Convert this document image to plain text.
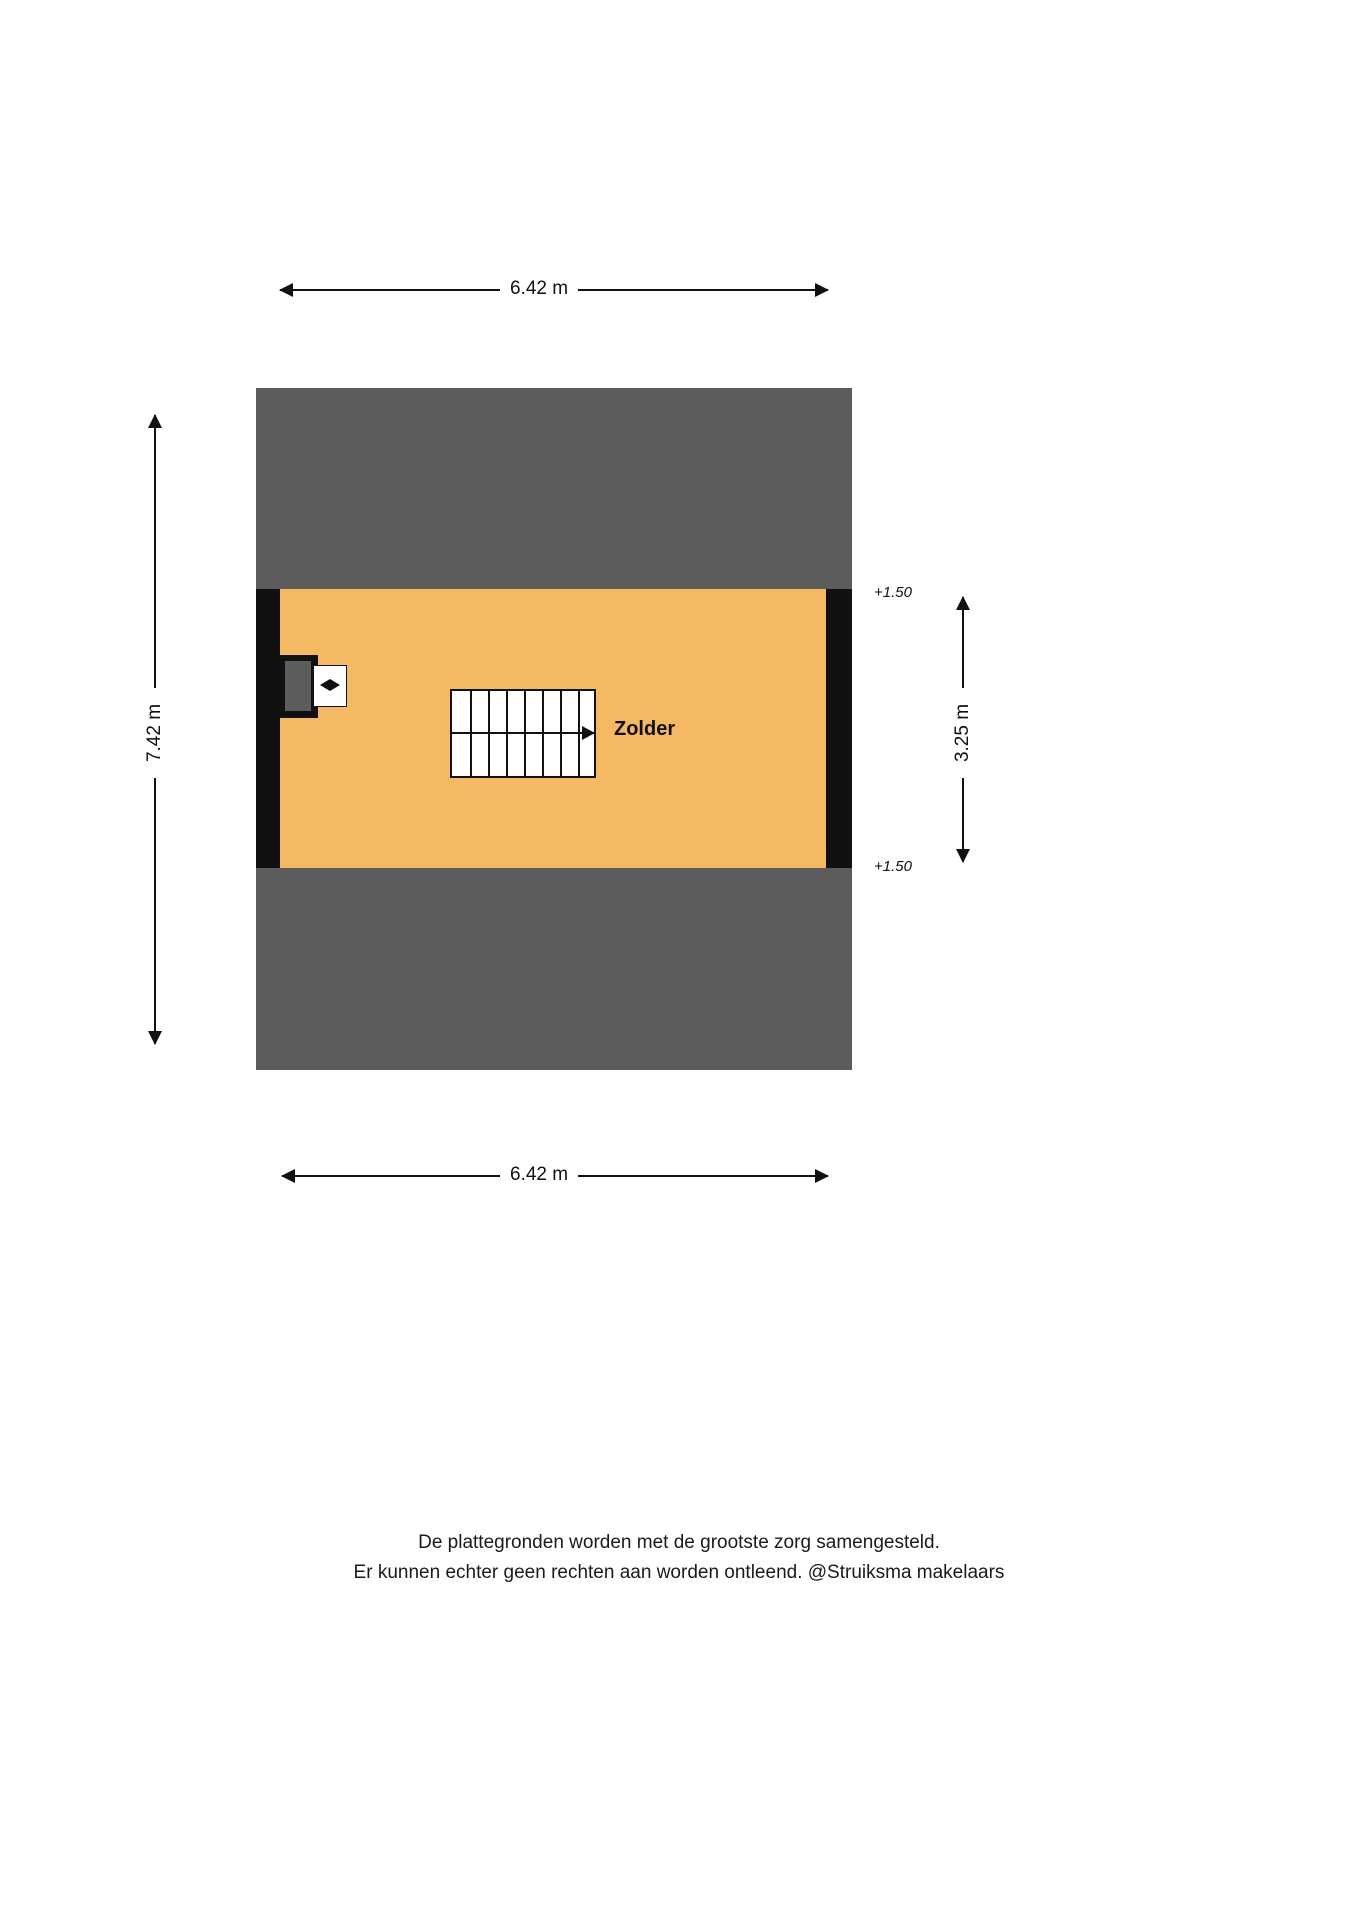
6.42 m
7.42 m	3.25 m
Zolder
+1.50
+1.50
6.42 m
De plattegronden worden met de grootste zorg samengesteld.
Er kunnen echter geen rechten aan worden ontleend. @Struiksma makelaars
